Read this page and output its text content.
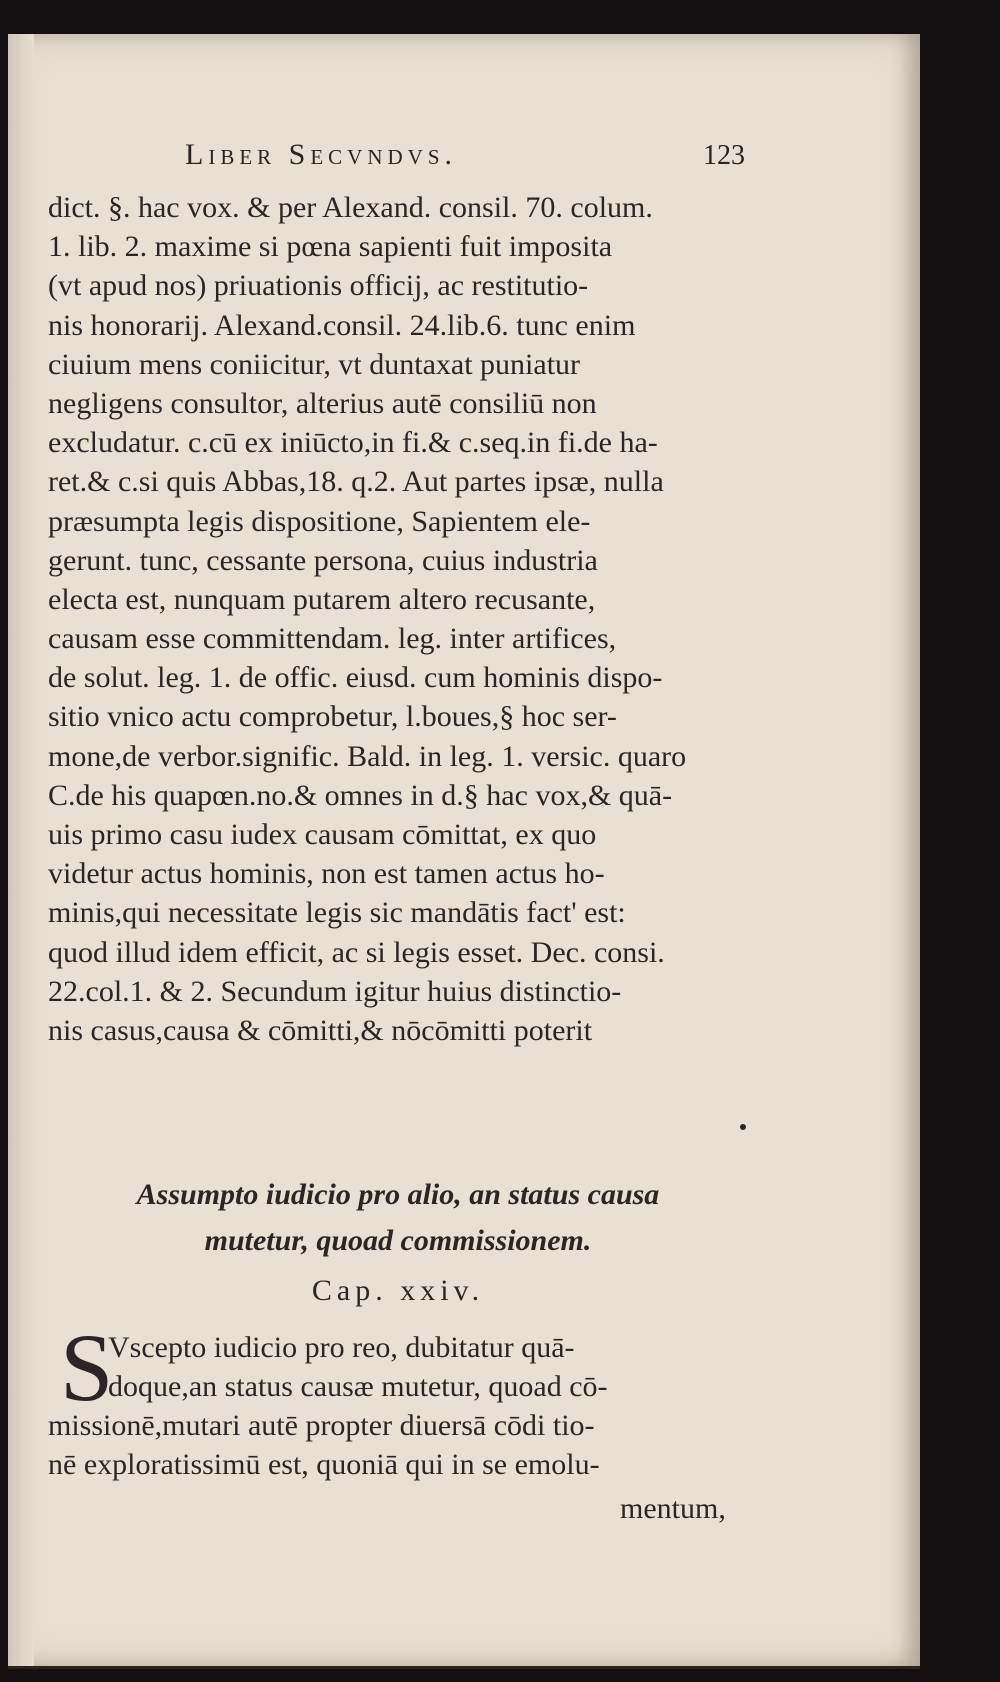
Liber Secvndvs.	123
dict. §. hac vox. & per Alexand. consil. 70. colum.
1. lib. 2. maxime si pœna sapienti fuit imposita
(vt apud nos) priuationis officij, ac restitutio-
nis honorarij. Alexand.consil. 24.lib.6. tunc enim
ciuium mens coniicitur, vt duntaxat puniatur
negligens consultor, alterius autē consiliū non
excludatur. c.cū ex iniūcto,in fi.& c.seq.in fi.de ha-
ret.& c.si quis Abbas,18. q.2. Aut partes ipsæ, nulla
præsumpta legis dispositione, Sapientem ele-
gerunt. tunc, cessante persona, cuius industria
electa est, nunquam putarem altero recusante,
causam esse committendam. leg. inter artifices,
de solut. leg. 1. de offic. eiusd. cum hominis dispo-
sitio vnico actu comprobetur, l.boues,§ hoc ser-
mone,de verbor.signific. Bald. in leg. 1. versic. quaro
C.de his quapœn.no.& omnes in d.§ hac vox,& quā-
uis primo casu iudex causam cōmittat, ex quo
videtur actus hominis, non est tamen actus ho-
minis,qui necessitate legis sic mandātis fact' est:
quod illud idem efficit, ac si legis esset. Dec. consi.
22.col.1. & 2. Secundum igitur huius distinctio-
nis casus,causa & cōmitti,& nōcōmitti poterit
Assumpto iudicio pro alio, an status causa
mutetur, quoad commissionem.
Cap. xxiv.
S
Vscepto iudicio pro reo, dubitatur quā-
doque,an status causæ mutetur, quoad cō-
missionē,mutari autē propter diuersā cōdi tio-
nē exploratissimū est, quoniā qui in se emolu-
mentum,
